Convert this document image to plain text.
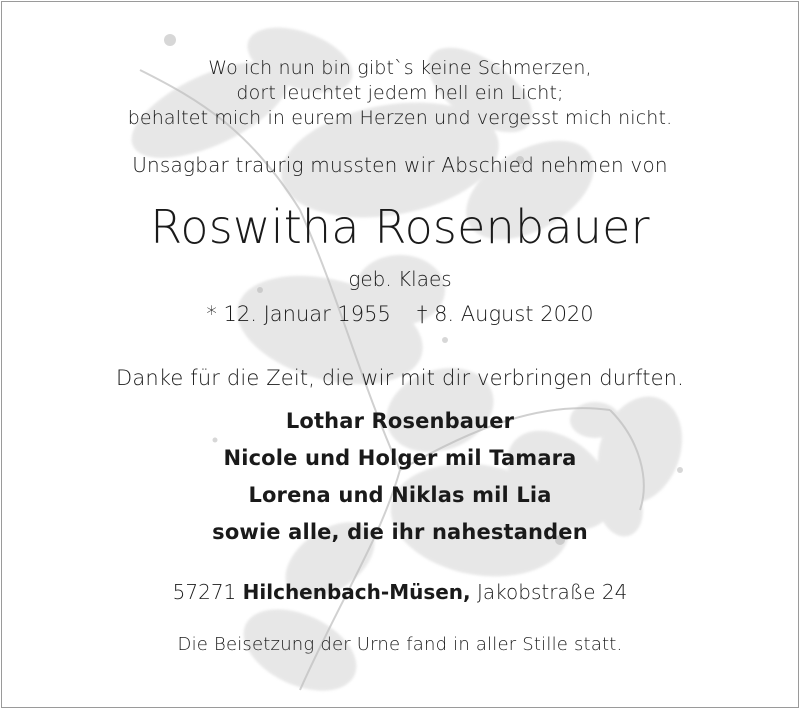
Wo ich nun bin gibt`s keine Schmerzen,
dort leuchtet jedem hell ein Licht;
behaltet mich in eurem Herzen und vergesst mich nicht.
Unsagbar traurig mussten wir Abschied nehmen von
Roswitha Rosenbauer
geb. Klaes
* 12. Januar 1955 † 8. August 2020
Danke für die Zeit, die wir mit dir verbringen durften.
Lothar Rosenbauer
Nicole und Holger mil Tamara
Lorena und Niklas mil Lia
sowie alle, die ihr nahestanden
57271 Hilchenbach-Müsen, Jakobstraße 24
Die Beisetzung der Urne fand in aller Stille statt.
